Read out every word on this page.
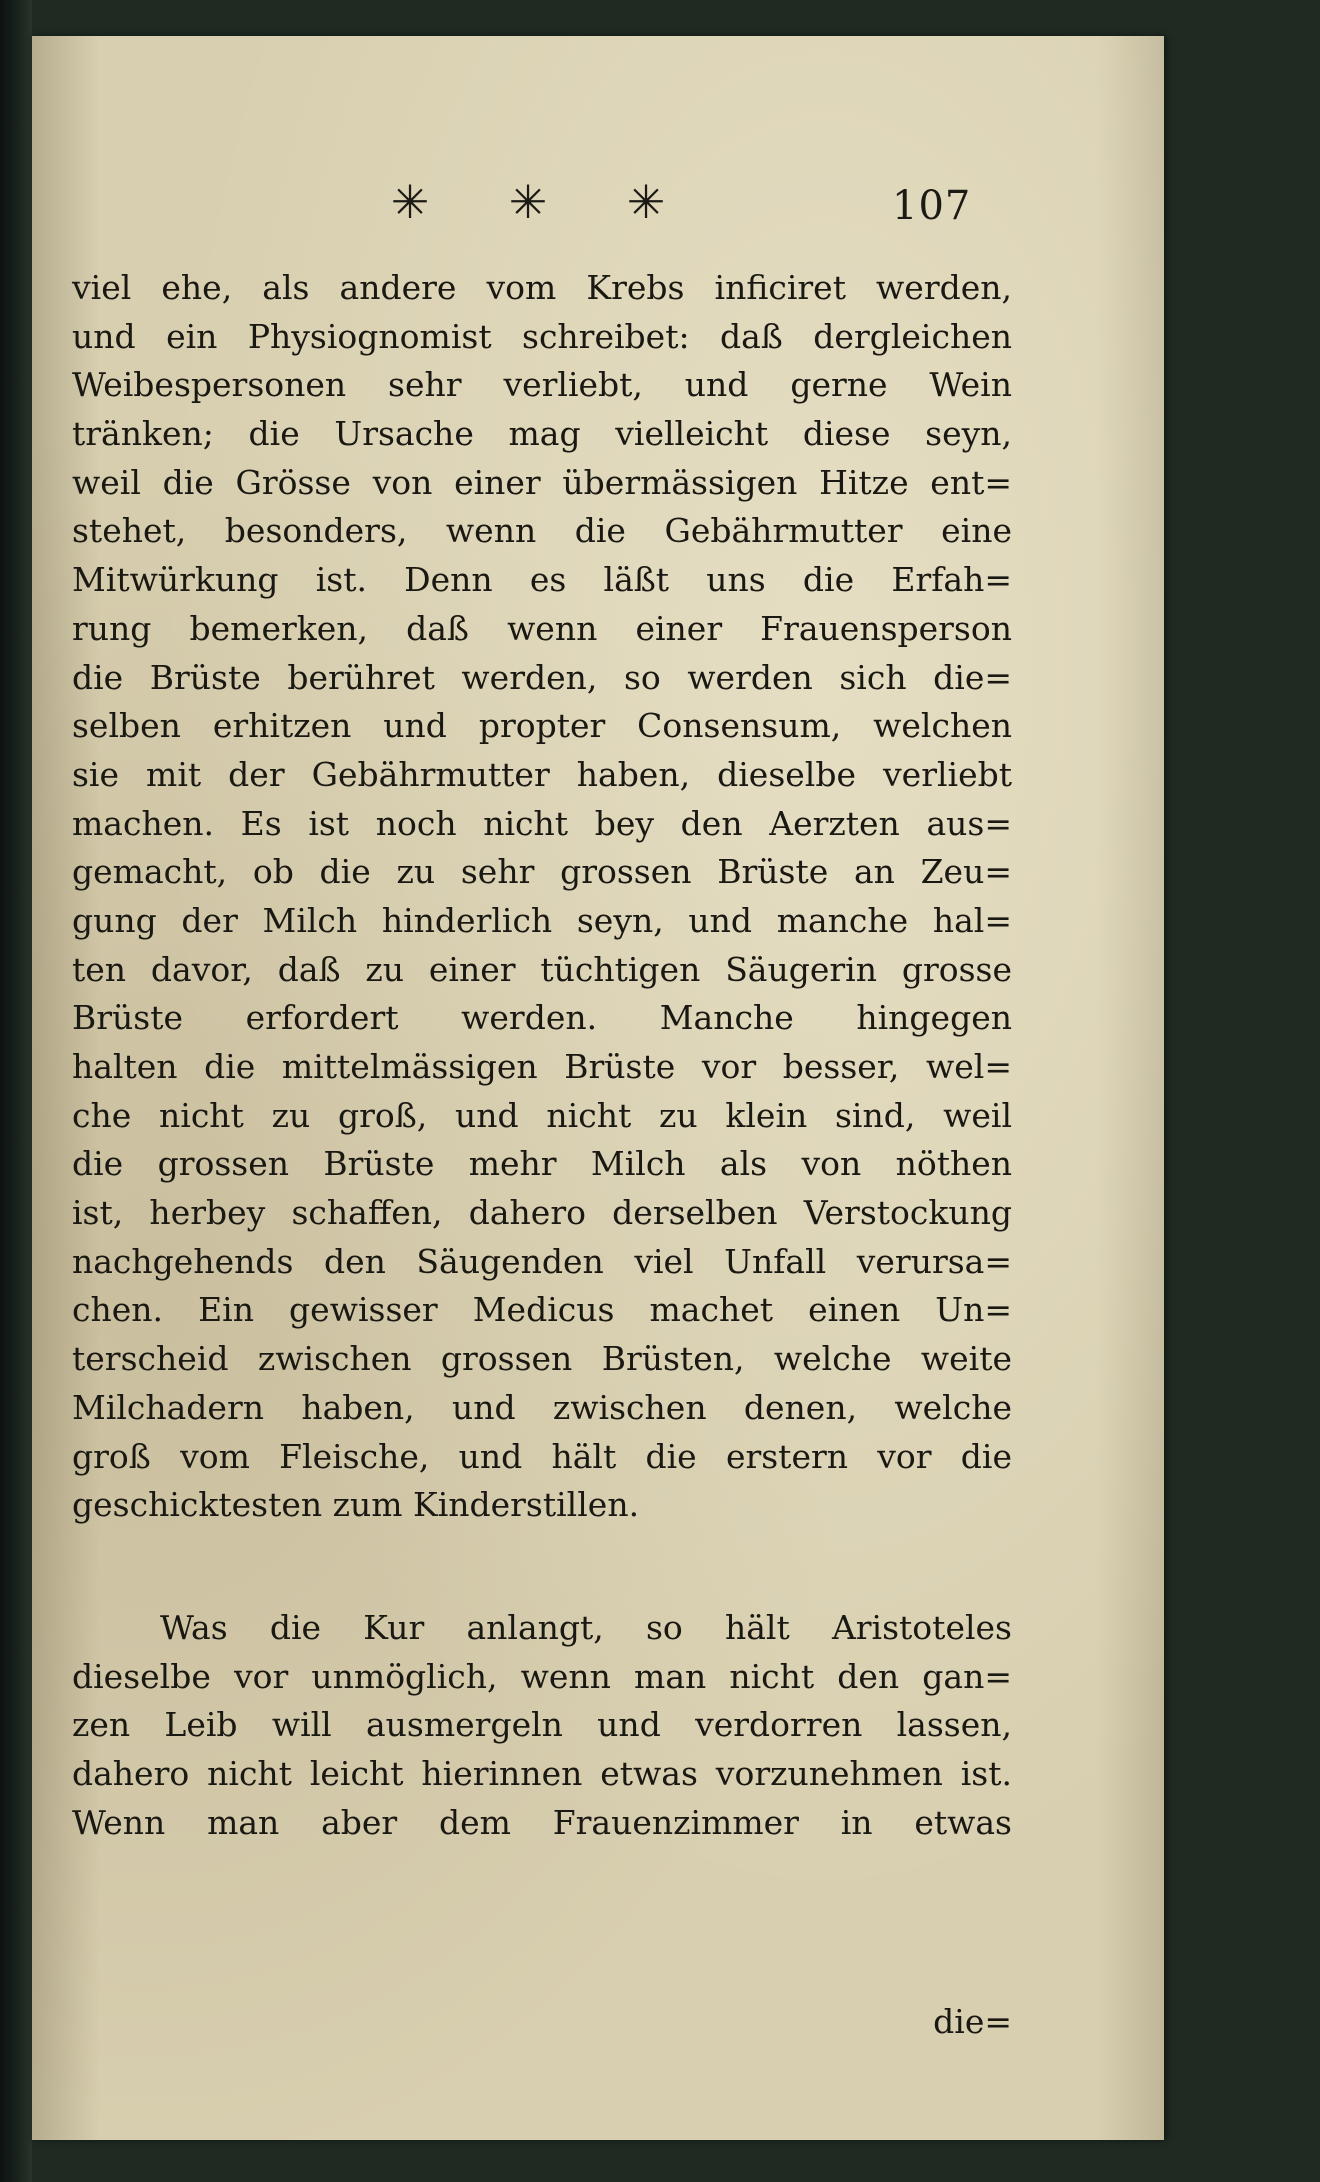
✳ ✳ ✳	107
viel ehe, als andere vom Krebs inficiret werden,
und ein Physiognomist schreibet: daß dergleichen
Weibespersonen sehr verliebt, und gerne Wein
tränken; die Ursache mag vielleicht diese seyn,
weil die Grösse von einer übermässigen Hitze ent=
stehet, besonders, wenn die Gebährmutter eine
Mitwürkung ist. Denn es läßt uns die Erfah=
rung bemerken, daß wenn einer Frauensperson
die Brüste berühret werden, so werden sich die=
selben erhitzen und propter Consensum, welchen
sie mit der Gebährmutter haben, dieselbe verliebt
machen. Es ist noch nicht bey den Aerzten aus=
gemacht, ob die zu sehr grossen Brüste an Zeu=
gung der Milch hinderlich seyn, und manche hal=
ten davor, daß zu einer tüchtigen Säugerin grosse
Brüste erfordert werden. Manche hingegen
halten die mittelmässigen Brüste vor besser, wel=
che nicht zu groß, und nicht zu klein sind, weil
die grossen Brüste mehr Milch als von nöthen
ist, herbey schaffen, dahero derselben Verstockung
nachgehends den Säugenden viel Unfall verursa=
chen. Ein gewisser Medicus machet einen Un=
terscheid zwischen grossen Brüsten, welche weite
Milchadern haben, und zwischen denen, welche
groß vom Fleische, und hält die erstern vor die
geschicktesten zum Kinderstillen.
Was die Kur anlangt, so hält Aristoteles
dieselbe vor unmöglich, wenn man nicht den gan=
zen Leib will ausmergeln und verdorren lassen,
dahero nicht leicht hierinnen etwas vorzunehmen ist.
Wenn man aber dem Frauenzimmer in etwas
die=
